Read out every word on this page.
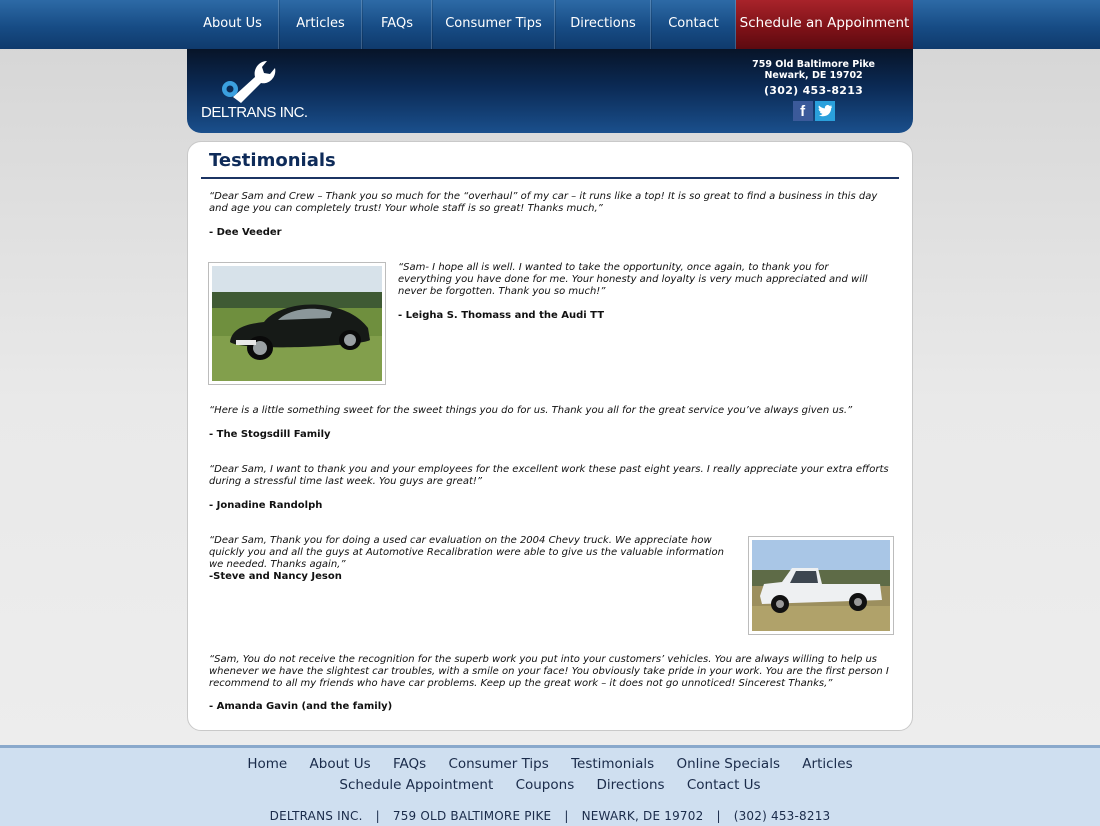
About Us	Articles	FAQs	Consumer Tips	Directions	Contact	Schedule an Appoinment
DELTRANS INC.
759 Old Baltimore Pike
Newark, DE 19702
(302) 453-8213
f
Testimonials

“Dear Sam and Crew – Thank you so much for the “overhaul” of my car – it runs like a top! It is so great to find a business in this day and age you can completely trust! Your whole staff is so great! Thanks much,”

- Dee Veeder

“Sam- I hope all is well. I wanted to take the opportunity, once again, to thank you for everything you have done for me. Your honesty and loyalty is very much appreciated and will never be forgotten. Thank you so much!”

- Leigha S. Thomass and the Audi TT

“Here is a little something sweet for the sweet things you do for us. Thank you all for the great service you’ve always given us.”

- The Stogsdill Family

“Dear Sam, I want to thank you and your employees for the excellent work these past eight years. I really appreciate your extra efforts during a stressful time last week. You guys are great!”

- Jonadine Randolph

“Dear Sam, Thank you for doing a used car evaluation on the 2004 Chevy truck. We appreciate how quickly you and all the guys at Automotive Recalibration were able to give us the valuable information we needed. Thanks again,”

-Steve and Nancy Jeson

“Sam, You do not receive the recognition for the superb work you put into your customers’ vehicles. You are always willing to help us whenever we have the slightest car troubles, with a smile on your face! You obviously take pride in your work. You are the first person I recommend to all my friends who have car problems. Keep up the great work – it does not go unnoticed! Sincerest Thanks,”

- Amanda Gavin (and the family)

Home About Us FAQs Consumer Tips Testimonials Online Specials Articles
Schedule Appointment Coupons Directions Contact Us
DELTRANS INC. | 759 OLD BALTIMORE PIKE | NEWARK, DE 19702 | (302) 453-8213
